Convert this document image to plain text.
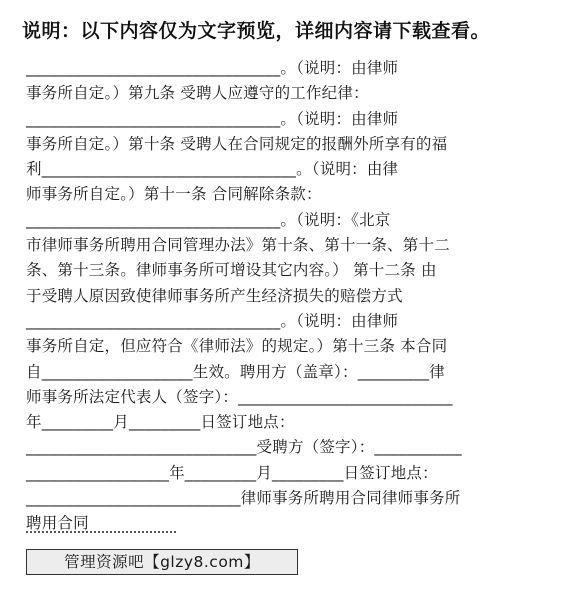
说明：以下内容仅为文字预览，详细内容请下载查看。
________________________________。（说明：由律师
事务所自定。）第九条 受聘人应遵守的工作纪律：
________________________________。（说明：由律师
事务所自定。）第十条 受聘人在合同规定的报酬外所享有的福
利________________________________。（说明：由律
师事务所自定。）第十一条 合同解除条款：
________________________________。（说明：《北京
市律师事务所聘用合同管理办法》第十条、第十一条、第十二
条、第十三条。律师事务所可增设其它内容。） 第十二条 由
于受聘人原因致使律师事务所产生经济损失的赔偿方式
________________________________。（说明：由律师
事务所自定，但应符合《律师法》的规定。）第十三条 本合同
自___________________生效。聘用方（盖章）：_________律
师事务所法定代表人（签字）：___________________________
年_________月_________日签订地点：
_____________________________受聘方（签字）：___________
__________________年_________月_________日签订地点：
___________________________律师事务所聘用合同律师事务所
聘用合同
管理资源吧【glzy8.com】
